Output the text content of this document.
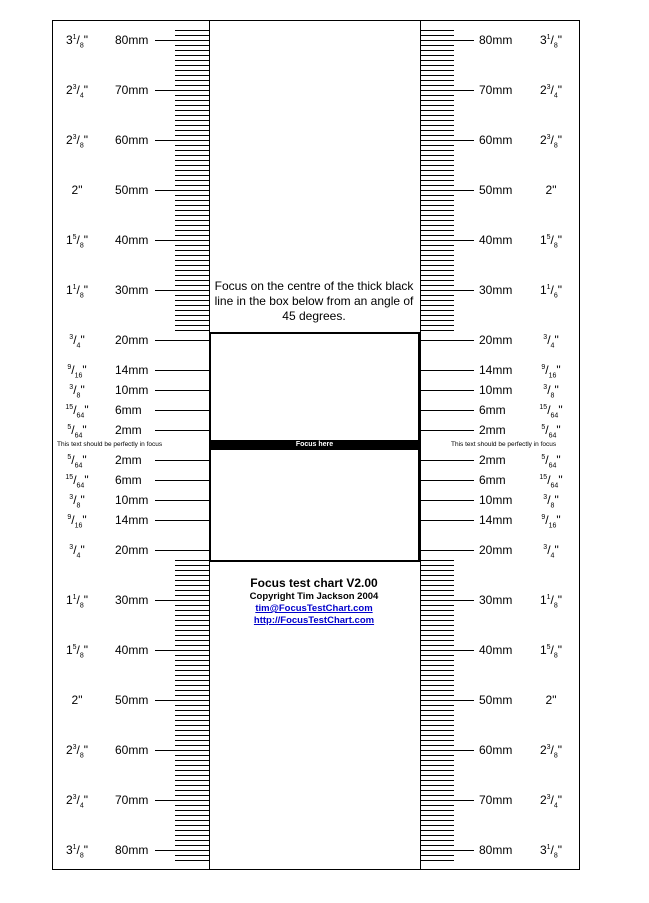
80mm	80mm
$3^1/_8$"	$3^1/_8$"
70mm	70mm
$2^3/_4$"	$2^3/_4$"
60mm	60mm
$2^3/_8$"	$2^3/_8$"
50mm	50mm
2"	2"
40mm	40mm
$1^5/_8$"	$1^5/_8$"
30mm	30mm
$1^1/_8$"	$1^1/_6$"
20mm	20mm
$^3/_4$"	$^3/_4$"
14mm	14mm
$^9/_{16}$"	$^9/_{16}$"
10mm	10mm
$^3/_8$"	$^3/_8$"
6mm	6mm
$^{15}/_{64}$"	$^{15}/_{64}$"
2mm	2mm
$^5/_{64}$"	$^5/_{64}$"
2mm	2mm
$^5/_{64}$"	$^5/_{64}$"
6mm	6mm
$^{15}/_{64}$"	$^{15}/_{64}$"
10mm	10mm
$^3/_8$"	$^3/_8$"
14mm	14mm
$^9/_{16}$"	$^9/_{16}$"
20mm	20mm
$^3/_4$"	$^3/_4$"
30mm	30mm
$1^1/_8$"	$1^1/_8$"
40mm	40mm
$1^5/_8$"	$1^5/_8$"
50mm	50mm
2"	2"
60mm	60mm
$2^3/_8$"	$2^3/_8$"
70mm	70mm
$2^3/_4$"	$2^3/_4$"
80mm	80mm
$3^1/_8$"	$3^1/_8$"
Focus on the centre of the thick black line in the box below from an angle of 45 degrees.
Focus here
This text should be perfectly in focus	This text should be perfectly in focus
Focus test chart V2.00
Copyright Tim Jackson 2004
tim@FocusTestChart.com
http://FocusTestChart.com
